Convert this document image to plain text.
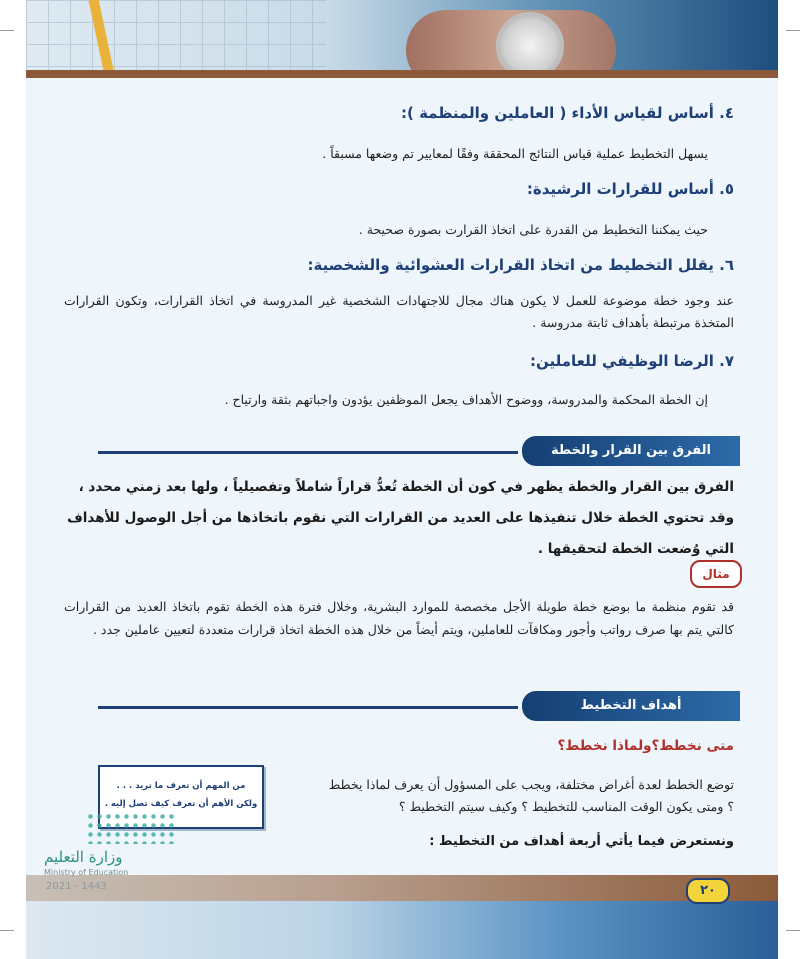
٤. أساس لقياس الأداء ( العاملين والمنظمة ):
يسهل التخطيط عملية قياس النتائج المحققة وفقًا لمعايير تم وضعها مسبقاً .
٥. أساس للقرارات الرشيدة:
حيث يمكننا التخطيط من القدرة على اتخاذ القرارت بصورة صحيحة .
٦. يقلل التخطيط من اتخاذ القرارات العشوائية والشخصية:
عند وجود خطة موضوعة للعمل لا يكون هناك مجال للاجتهادات الشخصية غير المدروسة في اتخاذ القرارات، وتكون القرارات المتخذة مرتبطة بأهداف ثابتة مدروسة .
٧. الرضا الوظيفي للعاملين:
إن الخطة المحكمة والمدروسة، ووضوح الأهداف يجعل الموظفين يؤدون واجباتهم بثقة وارتياح .
الفرق بين القرار والخطة
الفرق بين القرار والخطة يظهر في كون أن الخطة تُعدُّ قراراً شاملاً وتفصيلياً ، ولها بعد زمني محدد ، وقد تحتوي الخطة خلال تنفيذها على العديد من القرارات التي نقوم باتخاذها من أجل الوصول للأهداف التي وُضعت الخطة لتحقيقها .
مثال
قد تقوم منظمة ما بوضع خطة طويلة الأجل مخصصة للموارد البشرية، وخلال فترة هذه الخطة تقوم باتخاذ العديد من القرارات كالتي يتم بها صرف رواتب وأجور ومكافآت للعاملين، ويتم أيضاً من خلال هذه الخطة اتخاذ قرارات متعددة لتعيين عاملين جدد .
أهداف التخطيط
متى نخطط؟ولماذا نخطط؟
توضع الخطط لعدة أغراض مختلفة، ويجب على المسؤول أن يعرف لماذا يخطط ؟ ومتى يكون الوقت المناسب للتخطيط ؟ وكيف سيتم التخطيط ؟
ونستعرض فيما يأتي أربعة أهداف من التخطيط :
من المهم أن تعرف ما تريد . . .
ولكن الأهم أن تعرف كيف تصل إليه .
وزارة التعليم
Ministry of Education
2021 - 1443	٢٠
